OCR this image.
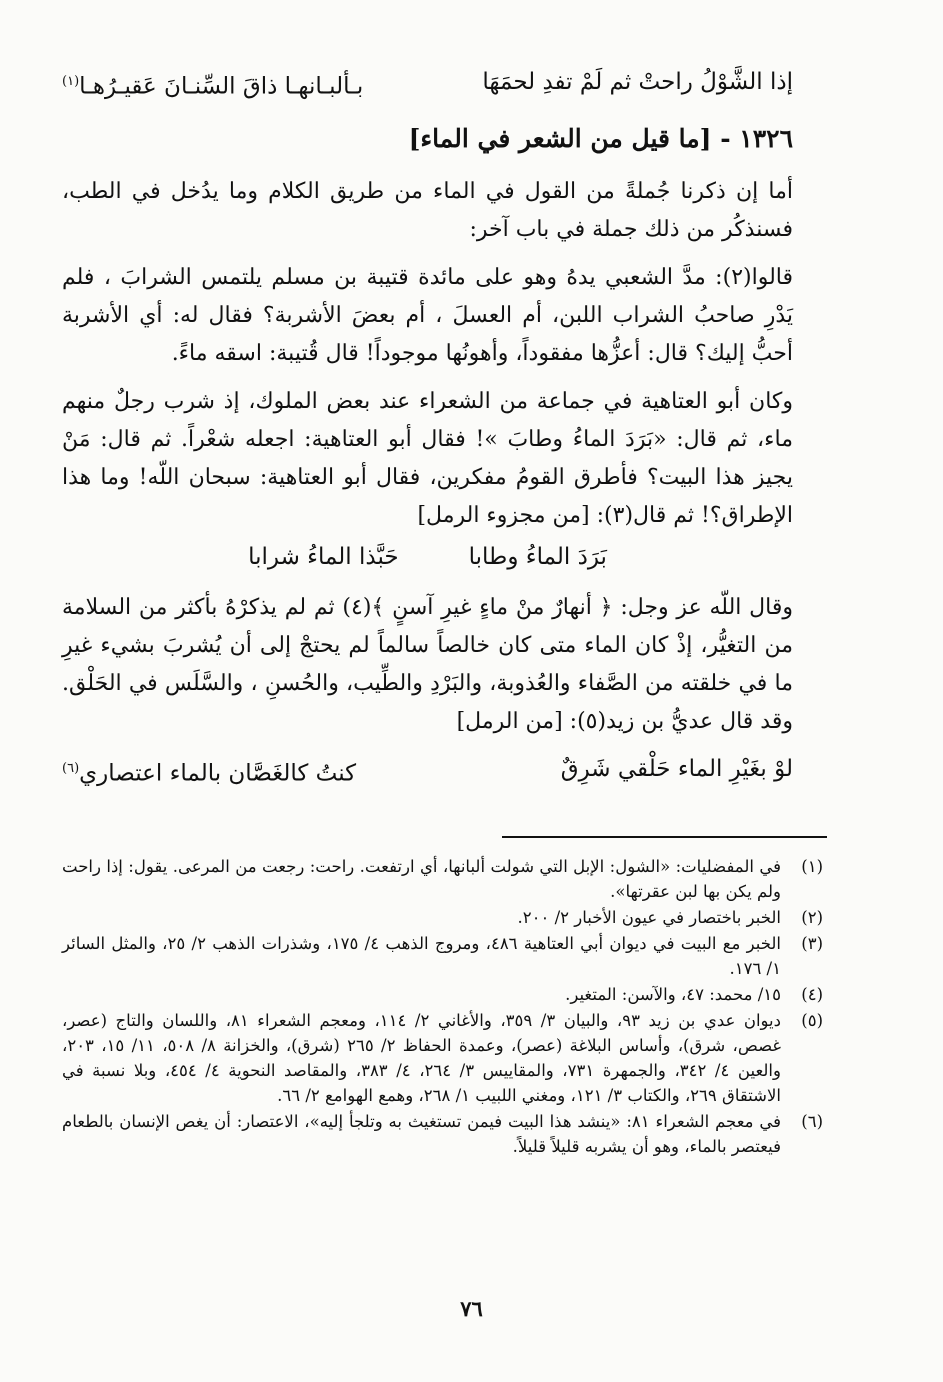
إذا الشَّوْلُ راحتْ ثم لَمْ تفدِ لحمَهَا
بـألبـانهـا ذاقَ السِّنـانَ عَقيـرُهـا$^{(١)}$
١٣٢٦ - [ما قيل من الشعر في الماء]

أما إن ذكرنا جُملةً من القول في الماء من طريق الكلام وما يدُخل في الطب، فسنذكُر من ذلك جملة في باب آخر:

قالوا(٢): مدَّ الشعبي يدهُ وهو على مائدة قتيبة بن مسلم يلتمس الشرابَ ، فلم يَدْرِ صاحبُ الشراب اللبن، أم العسلَ ، أم بعضَ الأشربة؟ فقال له: أي الأشربة أحبُّ إليك؟ قال: أعزُّها مفقوداً، وأهونُها موجوداً! قال قُتيبة: اسقه ماءً.

وكان أبو العتاهية في جماعة من الشعراء عند بعض الملوك، إذ شرب رجلٌ منهم ماء، ثم قال: «بَرَدَ الماءُ وطابَ »! فقال أبو العتاهية: اجعله شعْراً. ثم قال: مَنْ يجيز هذا البيت؟ فأطرق القومُ مفكرين، فقال أبو العتاهية: سبحان اللّه! وما هذا الإطراق؟! ثم قال(٣): [من مجزوء الرمل]

بَرَدَ الماءُ وطابا
حَبَّذا الماءُ شرابا

وقال اللّه عز وجل: ﴿ أنهارٌ منْ ماءٍ غيرِ آسنٍ ﴾(٤) ثم لم يذكرْهُ بأكثر من السلامة من التغيُّر، إذْ كان الماء متى كان خالصاً سالماً لم يحتجْ إلى أن يُشربَ بشيء غيرِ ما في خلقته من الصَّفاء والعُذوبة، والبَرْدِ والطِّيب، والحُسنِ ، والسَّلَس في الحَلْق. وقد قال عديُّ بن زيد(٥): [من الرمل]

لوْ بغَيْرِ الماء حَلْقي شَرِقٌ
كنتُ كالغَصَّان بالماء اعتصاري$^{(٦)}$
(١)
في المفضليات: «الشول: الإبل التي شولت ألبانها، أي ارتفعت. راحت: رجعت من المرعى. يقول: إذا راحت ولم يكن بها لبن عقرتها».
(٢)
الخبر باختصار في عيون الأخبار ٢/ ٢٠٠.
(٣)
الخبر مع البيت في ديوان أبي العتاهية ٤٨٦، ومروج الذهب ٤/ ١٧٥، وشذرات الذهب ٢/ ٢٥، والمثل السائر ١/ ١٧٦.
(٤)
١٥/ محمد: ٤٧، والآسن: المتغير.
(٥)
ديوان عدي بن زيد ٩٣، والبيان ٣/ ٣٥٩، والأغاني ٢/ ١١٤، ومعجم الشعراء ٨١، واللسان والتاج (عصر، غصص، شرق)، وأساس البلاغة (عصر)، وعمدة الحفاظ ٢/ ٢٦٥ (شرق)، والخزانة ٨/ ٥٠٨، ١١/ ١٥، ٢٠٣، والعين ٤/ ٣٤٢، والجمهرة ٧٣١، والمقاييس ٣/ ٢٦٤، ٤/ ٣٨٣، والمقاصد النحوية ٤/ ٤٥٤، وبلا نسبة في الاشتقاق ٢٦٩، والكتاب ٣/ ١٢١، ومغني اللبيب ١/ ٢٦٨، وهمع الهوامع ٢/ ٦٦.
(٦)
في معجم الشعراء ٨١: «ينشد هذا البيت فيمن تستغيث به وتلجأ إليه»، الاعتصار: أن يغص الإنسان بالطعام فيعتصر بالماء، وهو أن يشربه قليلاً قليلاً.
٧٦
